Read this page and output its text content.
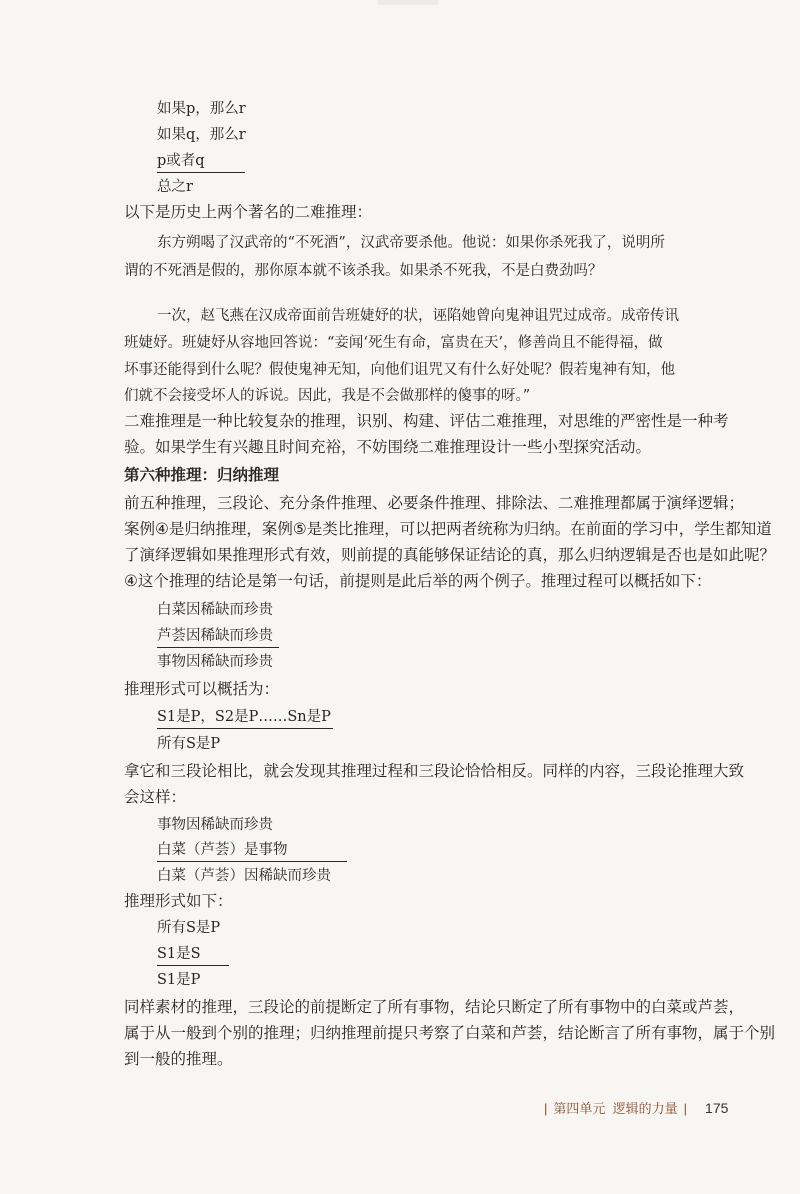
如果p，那么r
如果q，那么r
p或者q
总之r
以下是历史上两个著名的二难推理：
东方朔喝了汉武帝的“不死酒”，汉武帝要杀他。他说：如果你杀死我了，说明所
谓的不死酒是假的，那你原本就不该杀我。如果杀不死我，不是白费劲吗？
一次，赵飞燕在汉成帝面前告班婕妤的状，诬陷她曾向鬼神诅咒过成帝。成帝传讯
班婕妤。班婕妤从容地回答说：“妾闻‘死生有命，富贵在天’，修善尚且不能得福，做
坏事还能得到什么呢？假使鬼神无知，向他们诅咒又有什么好处呢？假若鬼神有知，他
们就不会接受坏人的诉说。因此，我是不会做那样的傻事的呀。”
二难推理是一种比较复杂的推理，识别、构建、评估二难推理，对思维的严密性是一种考
验。如果学生有兴趣且时间充裕，不妨围绕二难推理设计一些小型探究活动。
第六种推理：归纳推理
前五种推理，三段论、充分条件推理、必要条件推理、排除法、二难推理都属于演绎逻辑；
案例④是归纳推理，案例⑤是类比推理，可以把两者统称为归纳。在前面的学习中，学生都知道
了演绎逻辑如果推理形式有效，则前提的真能够保证结论的真，那么归纳逻辑是否也是如此呢？
④这个推理的结论是第一句话，前提则是此后举的两个例子。推理过程可以概括如下：
白菜因稀缺而珍贵
芦荟因稀缺而珍贵
事物因稀缺而珍贵
推理形式可以概括为：
S1是P，S2是P……Sn是P
所有S是P
拿它和三段论相比，就会发现其推理过程和三段论恰恰相反。同样的内容，三段论推理大致
会这样：
事物因稀缺而珍贵
白菜（芦荟）是事物
白菜（芦荟）因稀缺而珍贵
推理形式如下：
所有S是P
S1是S
S1是P
同样素材的推理，三段论的前提断定了所有事物，结论只断定了所有事物中的白菜或芦荟，
属于从一般到个别的推理；归纳推理前提只考察了白菜和芦荟，结论断言了所有事物，属于个别
到一般的推理。
| 第四单元 逻辑的力量 | 175
